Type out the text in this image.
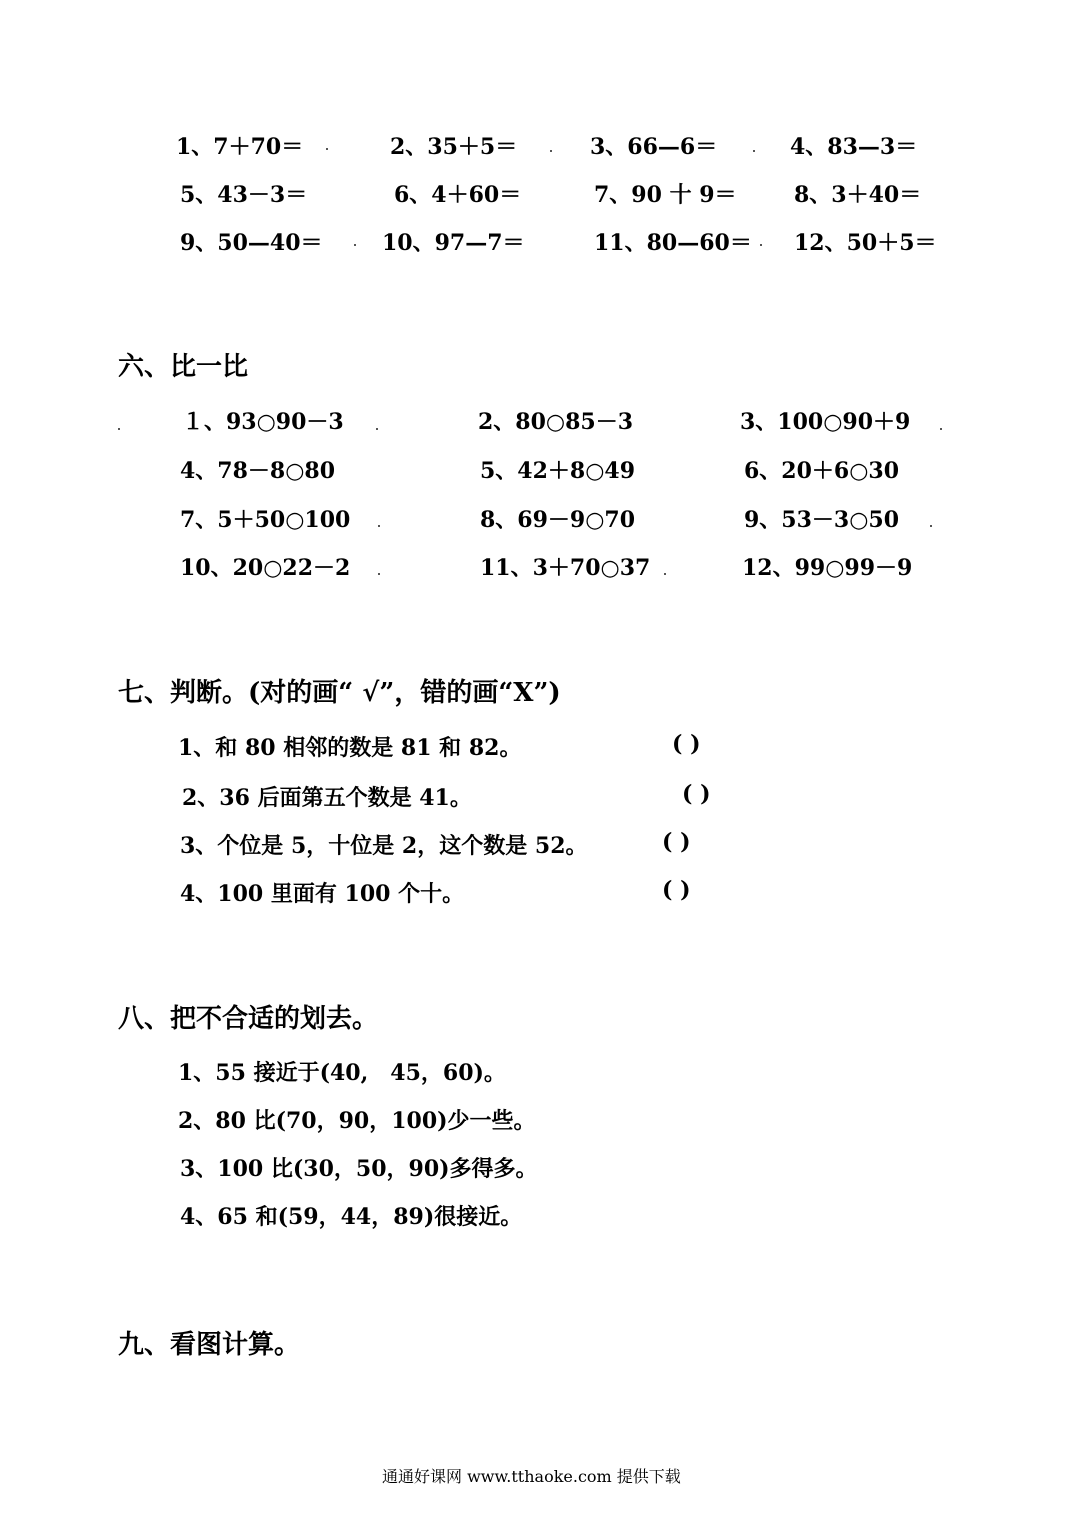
1、7＋70＝	2、35＋5＝	3、66—6＝	4、83—3＝
5、43－3＝	6、4＋60＝	7、90 十 9＝	8、3＋40＝
9、50—40＝	10、97—7＝	11、80—60＝ 12、50＋5＝
六、比一比
１、93○90－3	2、80○85－3	3、100○90＋9
4、78－8○80	5、42＋8○49	6、20＋6○30
7、5＋50○100	8、69－9○70	9、53－3○50
10、20○22－2	11、3＋70○37	12、99○99－9
七、判断。(对的画“ √”，错的画“X”)
1、和 80 相邻的数是 81 和 82。	( )
2、36 后面第五个数是 41。	( )
3、个位是 5，十位是 2，这个数是 52。	( )
4、100 里面有 100 个十。	( )
八、把不合适的划去。
1、55 接近于(40,　45，60)。
2、80 比(70，90，100)少一些。
3、100 比(30，50，90)多得多。
4、65 和(59，44，89)很接近。
九、看图计算。
通通好课网 www.tthaoke.com 提供下载
